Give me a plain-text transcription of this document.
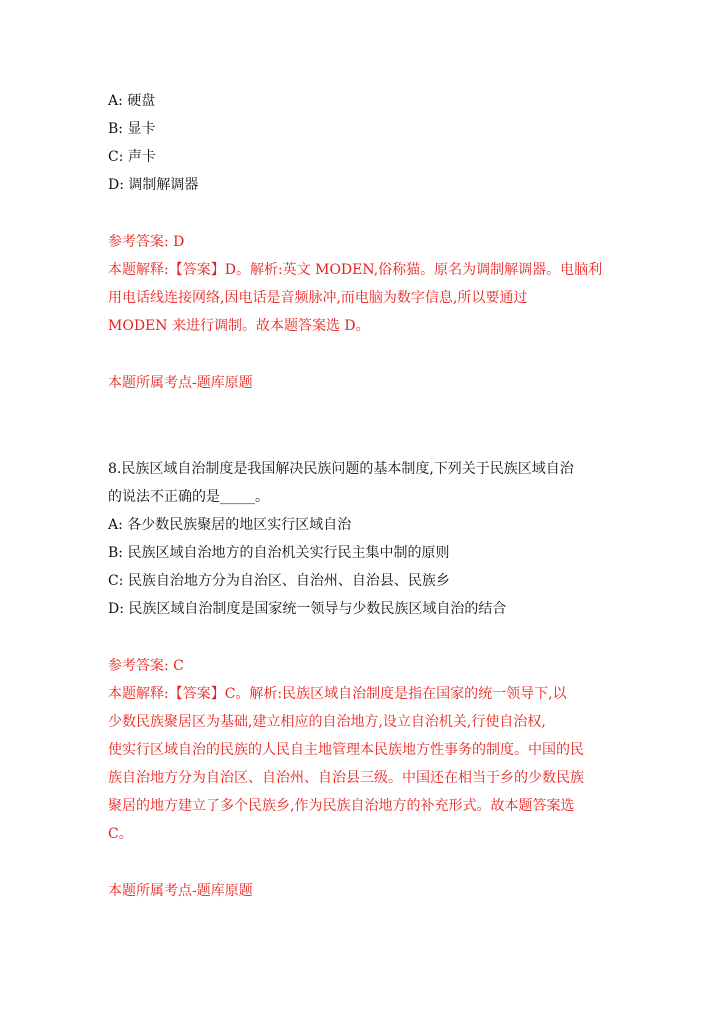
A: 硬盘
B: 显卡
C: 声卡
D: 调制解调器
参考答案: D
本题解释:【答案】D。解析:英文 MODEN,俗称猫。原名为调制解调器。电脑利
用电话线连接网络,因电话是音频脉冲,而电脑为数字信息,所以要通过
MODEN 来进行调制。故本题答案选 D。
本题所属考点-题库原题
8.民族区域自治制度是我国解决民族问题的基本制度,下列关于民族区域自治
的说法不正确的是_____。
A: 各少数民族聚居的地区实行区域自治
B: 民族区域自治地方的自治机关实行民主集中制的原则
C: 民族自治地方分为自治区、自治州、自治县、民族乡
D: 民族区域自治制度是国家统一领导与少数民族区域自治的结合
参考答案: C
本题解释:【答案】C。解析:民族区域自治制度是指在国家的统一领导下,以
少数民族聚居区为基础,建立相应的自治地方,设立自治机关,行使自治权,
使实行区域自治的民族的人民自主地管理本民族地方性事务的制度。中国的民
族自治地方分为自治区、自治州、自治县三级。中国还在相当于乡的少数民族
聚居的地方建立了多个民族乡,作为民族自治地方的补充形式。故本题答案选
C。
本题所属考点-题库原题
